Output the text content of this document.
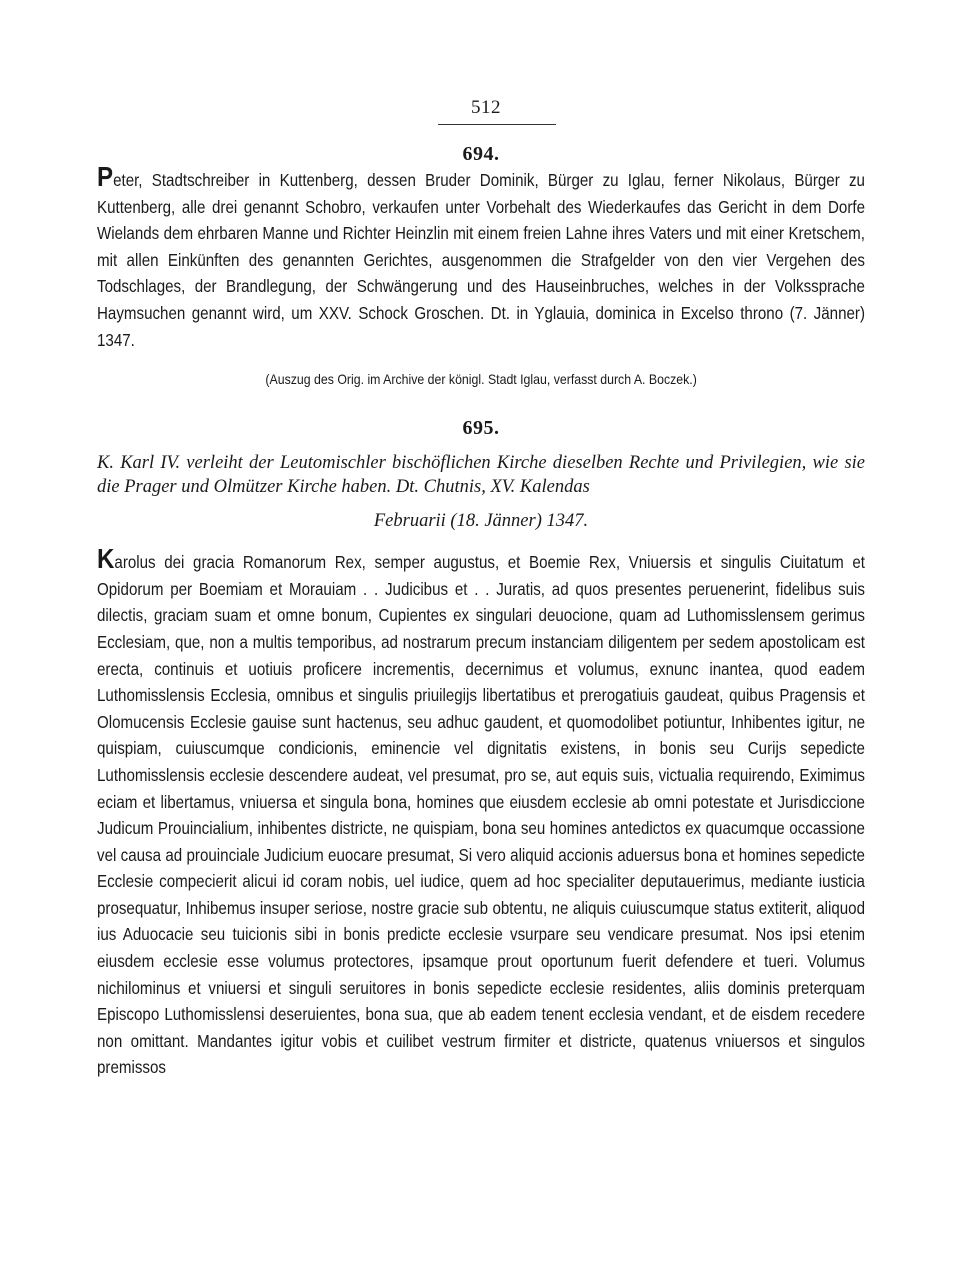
512
694.

Peter, Stadtschreiber in Kuttenberg, dessen Bruder Dominik, Bürger zu Iglau, ferner Nikolaus, Bürger zu Kuttenberg, alle drei genannt Schobro, verkaufen unter Vorbehalt des Wiederkaufes das Gericht in dem Dorfe Wielands dem ehrbaren Manne und Richter Heinzlin mit einem freien Lahne ihres Vaters und mit einer Kretschem, mit allen Einkünften des genannten Gerichtes, ausgenommen die Strafgelder von den vier Vergehen des Todschlages, der Brandlegung, der Schwängerung und des Hauseinbruches, welches in der Volkssprache Haymsuchen genannt wird, um XXV. Schock Groschen. Dt. in Yglauia, dominica in Excelso throno (7. Jänner) 1347.

(Auszug des Orig. im Archive der königl. Stadt Iglau, verfasst durch A. Boczek.)
695.
K. Karl IV. verleiht der Leutomischler bischöflichen Kirche dieselben Rechte und Privilegien, wie sie die Prager und Olmützer Kirche haben. Dt. Chutnis, XV. Kalendas
Februarii (18. Jänner) 1347.

Karolus dei gracia Romanorum Rex, semper augustus, et Boemie Rex, Vniuersis et singulis Ciuitatum et Opidorum per Boemiam et Morauiam . . Judicibus et . . Juratis, ad quos presentes peruenerint, fidelibus suis dilectis, graciam suam et omne bonum, Cupientes ex singulari deuocione, quam ad Luthomisslensem gerimus Ecclesiam, que, non a multis temporibus, ad nostrarum precum instanciam diligentem per sedem apostolicam est erecta, continuis et uotiuis proficere incrementis, decernimus et volumus, exnunc inantea, quod eadem Luthomisslensis Ecclesia, omnibus et singulis priuilegijs libertatibus et prerogatiuis gaudeat, quibus Pragensis et Olomucensis Ecclesie gauise sunt hactenus, seu adhuc gaudent, et quomodolibet potiuntur, Inhibentes igitur, ne quispiam, cuiuscumque condicionis, eminencie vel dignitatis existens, in bonis seu Curijs sepedicte Luthomisslensis ecclesie descendere audeat, vel presumat, pro se, aut equis suis, victualia requirendo, Eximimus eciam et libertamus, vniuersa et singula bona, homines que eiusdem ecclesie ab omni potestate et Jurisdiccione Judicum Prouincialium, inhibentes districte, ne quispiam, bona seu homines antedictos ex quacumque occassione vel causa ad prouinciale Judicium euocare presumat, Si vero aliquid accionis aduersus bona et homines sepedicte Ecclesie compecierit alicui id coram nobis, uel iudice, quem ad hoc specialiter deputauerimus, mediante iusticia prosequatur, Inhibemus insuper seriose, nostre gracie sub obtentu, ne aliquis cuiuscumque status extiterit, aliquod ius Aduocacie seu tuicionis sibi in bonis predicte ecclesie vsurpare seu vendicare presumat. Nos ipsi etenim eiusdem ecclesie esse volumus protectores, ipsamque prout oportunum fuerit defendere et tueri. Volumus nichilominus et vniuersi et singuli seruitores in bonis sepedicte ecclesie residentes, aliis dominis preterquam Episcopo Luthomisslensi deseruientes, bona sua, que ab eadem tenent ecclesia vendant, et de eisdem recedere non omittant. Mandantes igitur vobis et cuilibet vestrum firmiter et districte, quatenus vniuersos et singulos premissos
